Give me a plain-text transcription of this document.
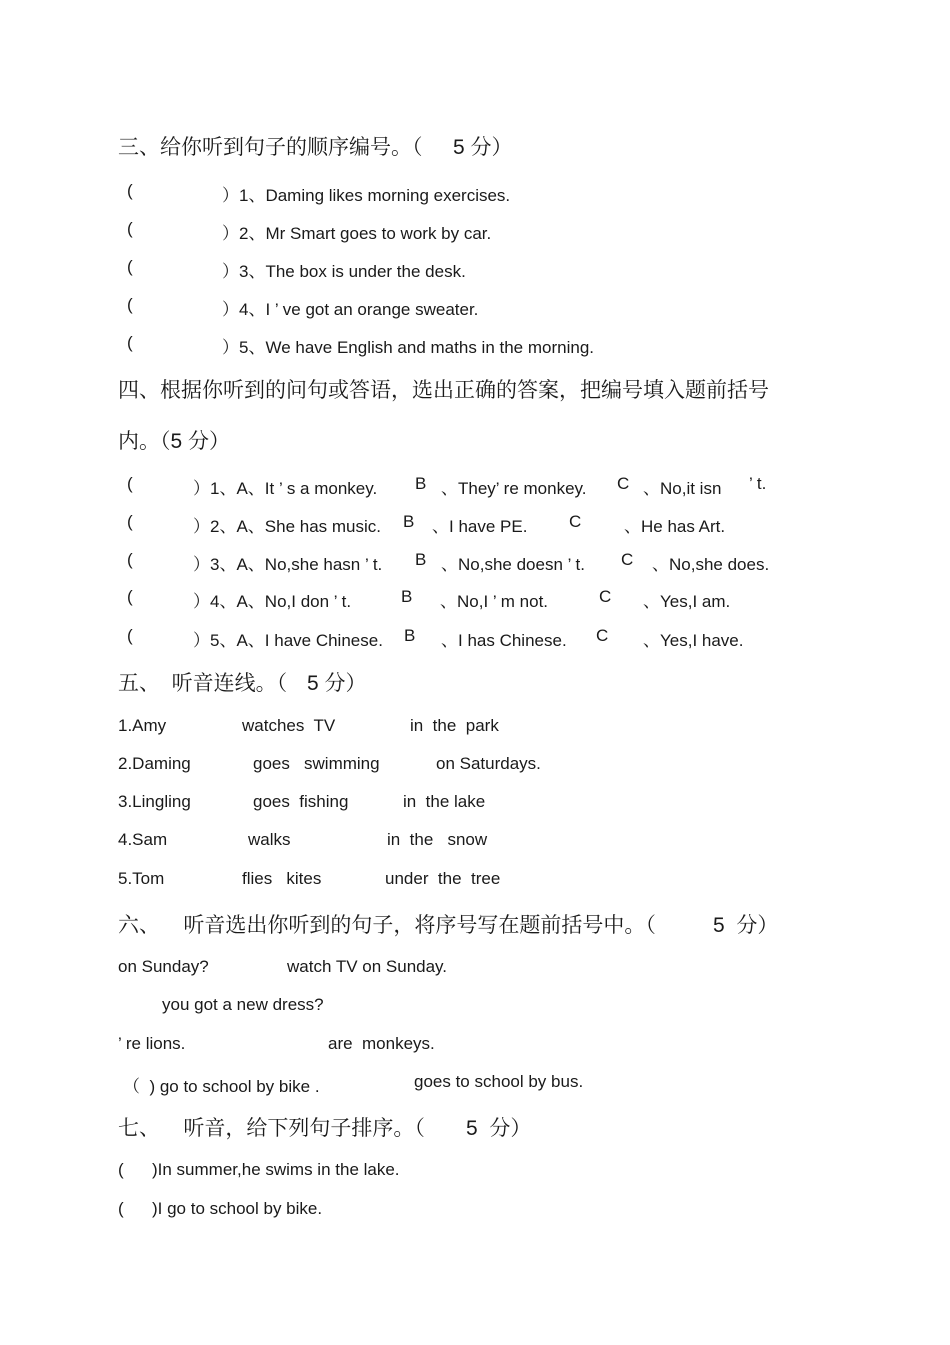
三、给你听到句子的顺序编号。（ 5 分）
(	）1、Daming likes morning exercises.
(	）2、Mr Smart goes to work by car.
(	）3、The box is under the desk.
(	）4、I ’ ve got an orange sweater.
(	）5、We have English and maths in the morning.
四、根据你听到的问句或答语，选出正确的答案，把编号填入题前括号
内。（5 分）
(	）1、A、It ’ s a monkey. B 、They’ re monkey. C 、No,it isn ’ t.
(	）2、A、She has music. B 、I have PE. C	、He has Art.
(	）3、A、No,she hasn ’ t. B 、No,she doesn ’ t. C 、No,she does.
(	）4、A、No,I don ’ t.	B 、No,I ’ m not.	C 、Yes,I am.
(	）5、A、I have Chinese. B 、I has Chinese. C 、Yes,I have.
五、  听音连线。（ 5 分）
1.Amy	watches  TV	in  the  park
2.Daming	goes   swimming	on Saturdays.
3.Lingling	goes  fishing	in  the lake
4.Sam	walks	in  the   snow
5.Tom	flies   kites	under  the  tree
六、    听音选出你听到的句子，将序号写在题前括号中。（	5  分）
on Sunday?	watch TV on Sunday.
you got a new dress?
’ re lions.	are  monkeys.
（  ) go to school by bike .	goes to school by bus.
七、    听音，给下列句子排序。（ 5  分）
(      )In summer,he swims in the lake.
(      )I go to school by bike.
